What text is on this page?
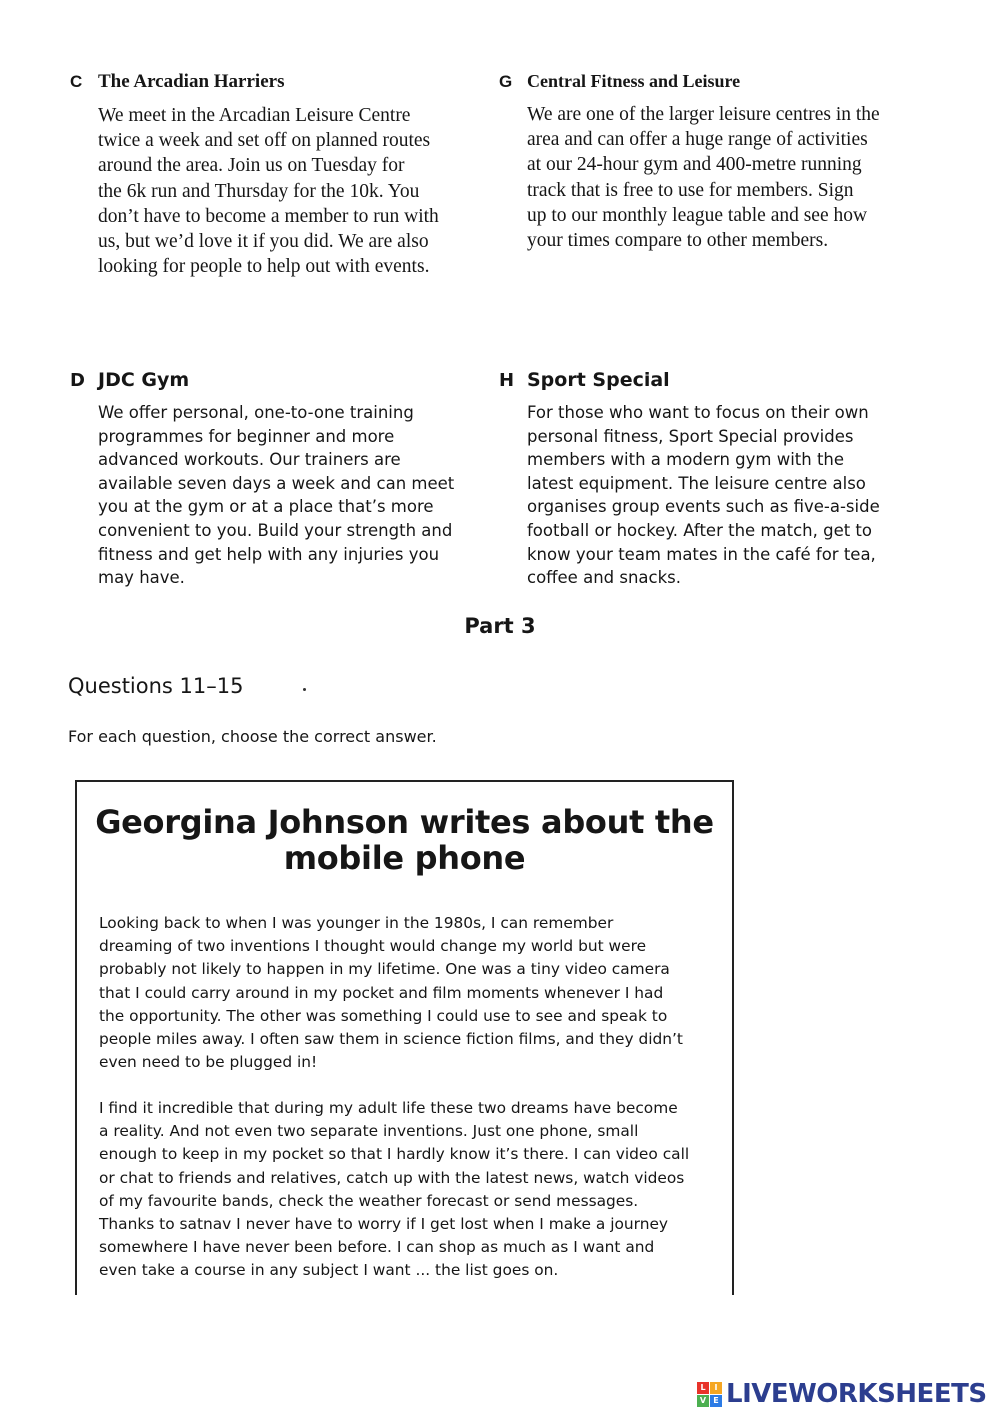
C The Arcadian Harriers

We meet in the Arcadian Leisure Centre
twice a week and set off on planned routes
around the area. Join us on Tuesday for
the 6k run and Thursday for the 10k. You
don’t have to become a member to run with
us, but we’d love it if you did. We are also
looking for people to help out with events.

G Central Fitness and Leisure

We are one of the larger leisure centres in the
area and can offer a huge range of activities
at our 24-hour gym and 400-metre running
track that is free to use for members. Sign
up to our monthly league table and see how
your times compare to other members.

D JDC Gym

We offer personal, one-to-one training
programmes for beginner and more
advanced workouts. Our trainers are
available seven days a week and can meet
you at the gym or at a place that’s more
convenient to you. Build your strength and
fitness and get help with any injuries you
may have.

H Sport Special

For those who want to focus on their own
personal fitness, Sport Special provides
members with a modern gym with the
latest equipment. The leisure centre also
organises group events such as five-a-side
football or hockey. After the match, get to
know your team mates in the café for tea,
coffee and snacks.

Part 3
Questions 11–15
For each question, choose the correct answer.
Georgina Johnson writes about the
mobile phone

Looking back to when I was younger in the 1980s, I can remember
dreaming of two inventions I thought would change my world but were
probably not likely to happen in my lifetime. One was a tiny video camera
that I could carry around in my pocket and film moments whenever I had
the opportunity. The other was something I could use to see and speak to
people miles away. I often saw them in science fiction films, and they didn’t
even need to be plugged in!

I find it incredible that during my adult life these two dreams have become
a reality. And not even two separate inventions. Just one phone, small
enough to keep in my pocket so that I hardly know it’s there. I can video call
or chat to friends and relatives, catch up with the latest news, watch videos
of my favourite bands, check the weather forecast or send messages.
Thanks to satnav I never have to worry if I get lost when I make a journey
somewhere I have never been before. I can shop as much as I want and
even take a course in any subject I want ... the list goes on.

L	I
V E LIVEWORKSHEETS
